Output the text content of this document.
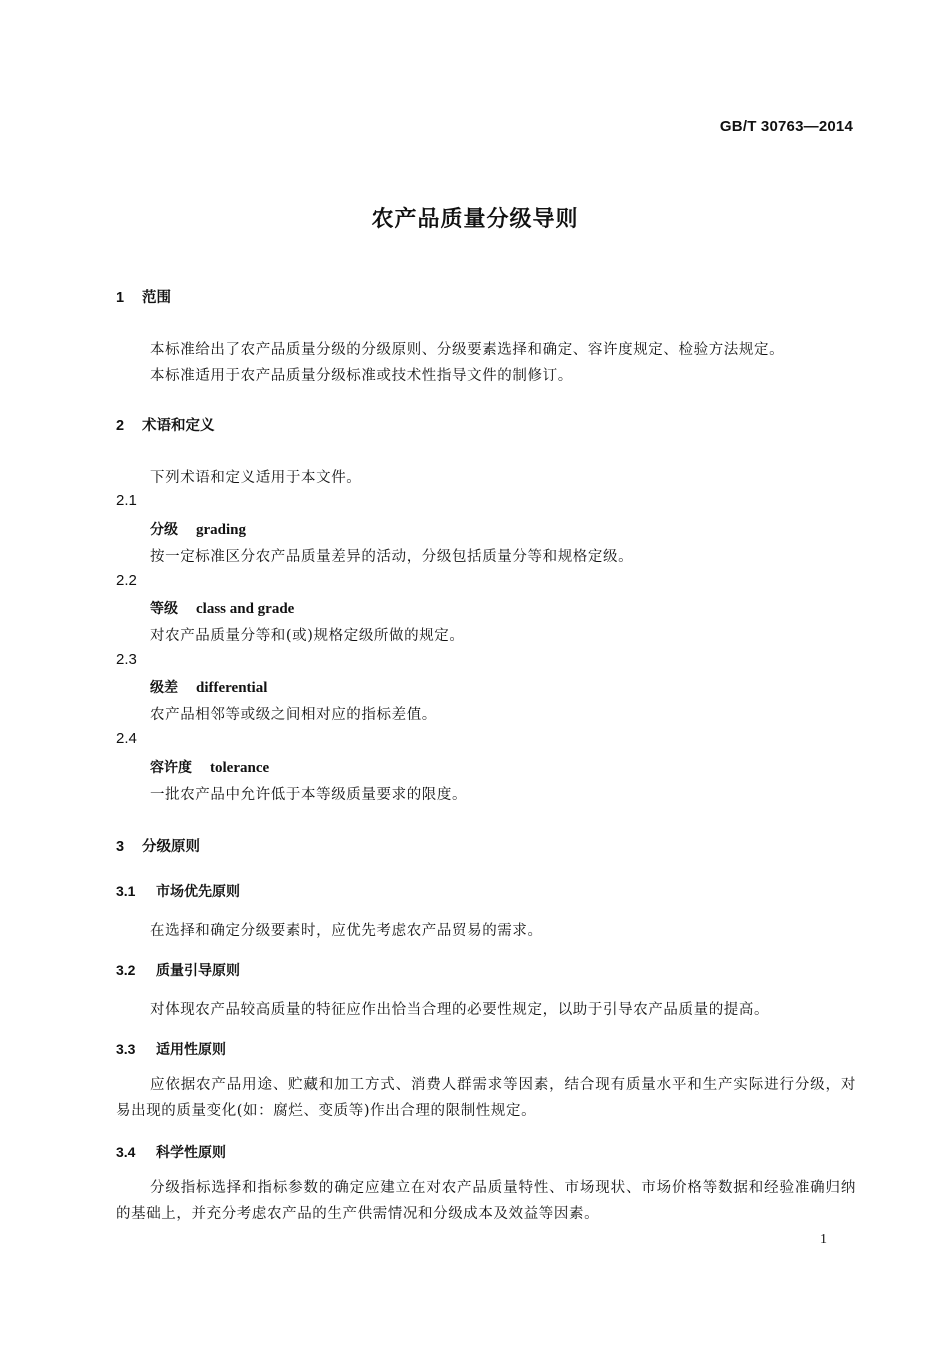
GB/T 30763—2014
农产品质量分级导则
1 范围
本标准给出了农产品质量分级的分级原则、分级要素选择和确定、容许度规定、检验方法规定。
本标准适用于农产品质量分级标准或技术性指导文件的制修订。
2 术语和定义
下列术语和定义适用于本文件。
2.1
分级 grading
按一定标准区分农产品质量差异的活动，分级包括质量分等和规格定级。
2.2
等级 class and grade
对农产品质量分等和(或)规格定级所做的规定。
2.3
级差 differential
农产品相邻等或级之间相对应的指标差值。
2.4
容许度 tolerance
一批农产品中允许低于本等级质量要求的限度。
3 分级原则
3.1 市场优先原则
在选择和确定分级要素时，应优先考虑农产品贸易的需求。
3.2 质量引导原则
对体现农产品较高质量的特征应作出恰当合理的必要性规定，以助于引导农产品质量的提高。
3.3 适用性原则
应依据农产品用途、贮藏和加工方式、消费人群需求等因素，结合现有质量水平和生产实际进行分级，对易出现的质量变化(如：腐烂、变质等)作出合理的限制性规定。
3.4 科学性原则
分级指标选择和指标参数的确定应建立在对农产品质量特性、市场现状、市场价格等数据和经验准确归纳的基础上，并充分考虑农产品的生产供需情况和分级成本及效益等因素。
1
